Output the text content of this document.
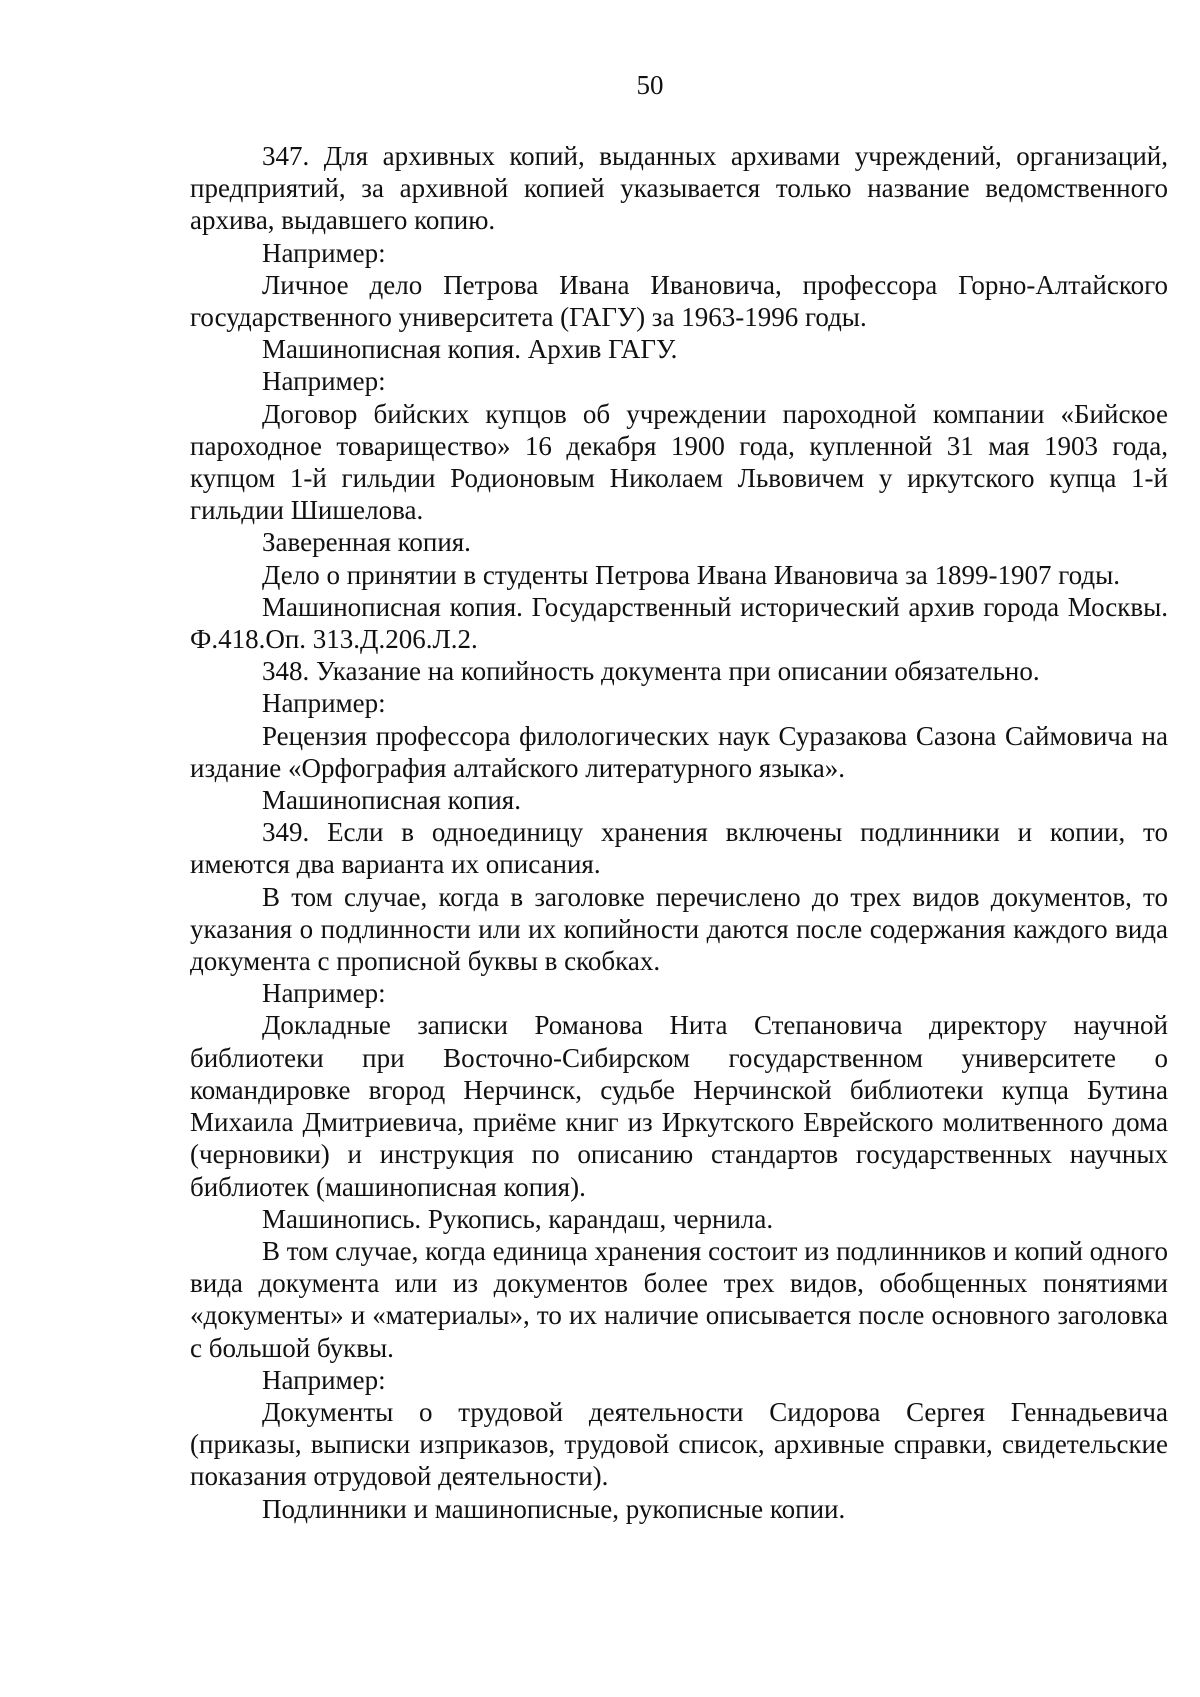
50

347. Для архивных копий, выданных архивами учреждений, организаций, предприятий, за архивной копией указывается только название ведомственного архива, выдавшего копию.

Например:

Личное дело Петрова Ивана Ивановича, профессора Горно-Алтайского государственного университета (ГАГУ) за 1963-1996 годы.

Машинописная копия. Архив ГАГУ.

Например:

Договор бийских купцов об учреждении пароходной компании «Бийское пароходное товарищество» 16 декабря 1900 года, купленной 31 мая 1903 года, купцом 1-й гильдии Родионовым Николаем Львовичем у иркутского купца 1-й гильдии Шишелова.

Заверенная копия.

Дело о принятии в студенты Петрова Ивана Ивановича за 1899-1907 годы.

Машинописная копия. Государственный исторический архив города Москвы. Ф.418.Оп. 313.Д.206.Л.2.

348. Указание на копийность документа при описании обязательно.

Например:

Рецензия профессора филологических наук Суразакова Сазона Саймовича на издание «Орфография алтайского литературного языка».

Машинописная копия.

349. Если в одноединицу хранения включены подлинники и копии, то имеются два варианта их описания.

В том случае, когда в заголовке перечислено до трех видов документов, то указания о подлинности или их копийности даются после содержания каждого вида документа с прописной буквы в скобках.

Например:

Докладные записки Романова Нита Степановича директору научной библиотеки при Восточно-Сибирском государственном университете о командировке вгород Нерчинск, судьбе Нерчинской библиотеки купца Бутина Михаила Дмитриевича, приёме книг из Иркутского Еврейского молитвенного дома (черновики) и инструкция по описанию стандартов государственных научных библиотек (машинописная копия).

Машинопись. Рукопись, карандаш, чернила.

В том случае, когда единица хранения состоит из подлинников и копий одного вида документа или из документов более трех видов, обобщенных понятиями «документы» и «материалы», то их наличие описывается после основного заголовка с большой буквы.

Например:

Документы о трудовой деятельности Сидорова Сергея Геннадьевича (приказы, выписки изприказов, трудовой список, архивные справки, свидетельские показания отрудовой деятельности).

Подлинники и машинописные, рукописные копии.
